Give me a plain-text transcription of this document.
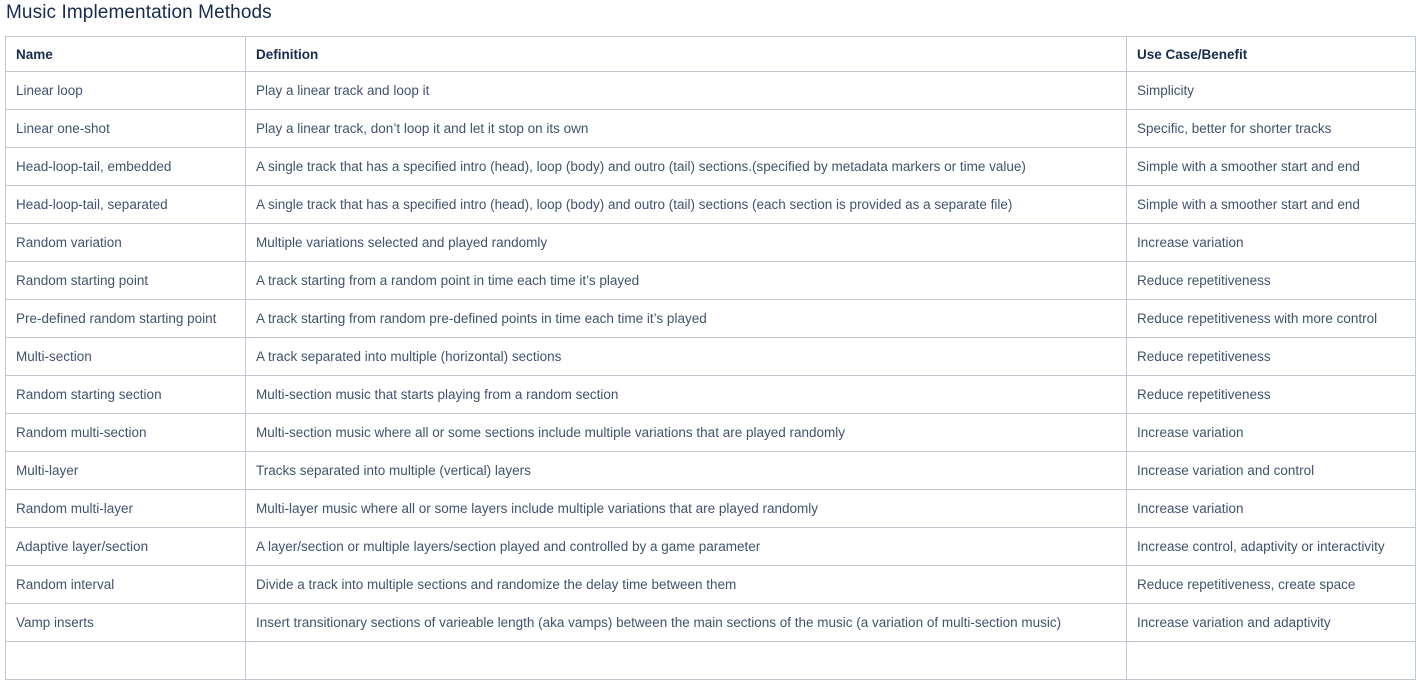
Music Implementation Methods
Name	Definition	Use Case/Benefit
Linear loop	Play a linear track and loop it	Simplicity
Linear one-shot	Play a linear track, don’t loop it and let it stop on its own	Specific, better for shorter tracks
Head-loop-tail, embedded	A single track that has a specified intro (head), loop (body) and outro (tail) sections.(specified by metadata markers or time value)	Simple with a smoother start and end
Head-loop-tail, separated	A single track that has a specified intro (head), loop (body) and outro (tail) sections (each section is provided as a separate file)	Simple with a smoother start and end
Random variation	Multiple variations selected and played randomly	Increase variation
Random starting point	A track starting from a random point in time each time it’s played	Reduce repetitiveness
Pre-defined random starting point	A track starting from random pre-defined points in time each time it’s played	Reduce repetitiveness with more control
Multi-section	A track separated into multiple (horizontal) sections	Reduce repetitiveness
Random starting section	Multi-section music that starts playing from a random section	Reduce repetitiveness
Random multi-section	Multi-section music where all or some sections include multiple variations that are played randomly	Increase variation
Multi-layer	Tracks separated into multiple (vertical) layers	Increase variation and control
Random multi-layer	Multi-layer music where all or some layers include multiple variations that are played randomly	Increase variation
Adaptive layer/section	A layer/section or multiple layers/section played and controlled by a game parameter	Increase control, adaptivity or interactivity
Random interval	Divide a track into multiple sections and randomize the delay time between them	Reduce repetitiveness, create space
Vamp inserts	Insert transitionary sections of varieable length (aka vamps) between the main sections of the music (a variation of multi-section music)	Increase variation and adaptivity
